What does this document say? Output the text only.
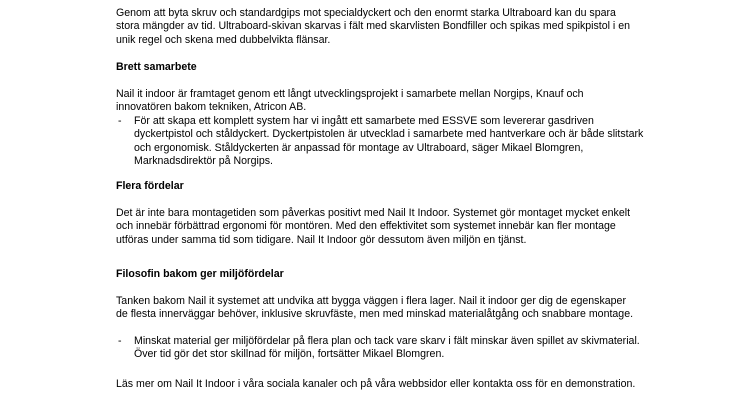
Genom att byta skruv och standardgips mot specialdyckert och den enormt starka Ultraboard kan du spara stora mängder av tid. Ultraboard-skivan skarvas i fält med skarvlisten Bondfiller och spikas med spikpistol i en unik regel och skena med dubbelvikta flänsar.

Brett samarbete

Nail it indoor är framtaget genom ett långt utvecklingsprojekt i samarbete mellan Norgips, Knauf och innovatören bakom tekniken, Atricon AB.

-	För att skapa ett komplett system har vi ingått ett samarbete med ESSVE som levererar gasdriven dyckertpistol och ståldyckert. Dyckertpistolen är utvecklad i samarbete med hantverkare och är både slitstark och ergonomisk. Ståldyckerten är anpassad för montage av Ultraboard, säger Mikael Blomgren, Marknadsdirektör på Norgips.

Flera fördelar

Det är inte bara montagetiden som påverkas positivt med Nail It Indoor. Systemet gör montaget mycket enkelt och innebär förbättrad ergonomi för montören. Med den effektivitet som systemet innebär kan fler montage utföras under samma tid som tidigare. Nail It Indoor gör dessutom även miljön en tjänst.

Filosofin bakom ger miljöfördelar

Tanken bakom Nail it systemet att undvika att bygga väggen i flera lager. Nail it indoor ger dig de egenskaper de flesta innerväggar behöver, inklusive skruvfäste, men med minskad materialåtgång och snabbare montage.

-	Minskat material ger miljöfördelar på flera plan och tack vare skarv i fält minskar även spillet av skivmaterial. Över tid gör det stor skillnad för miljön, fortsätter Mikael Blomgren.

Läs mer om Nail It Indoor i våra sociala kanaler och på våra webbsidor eller kontakta oss för en demonstration.
